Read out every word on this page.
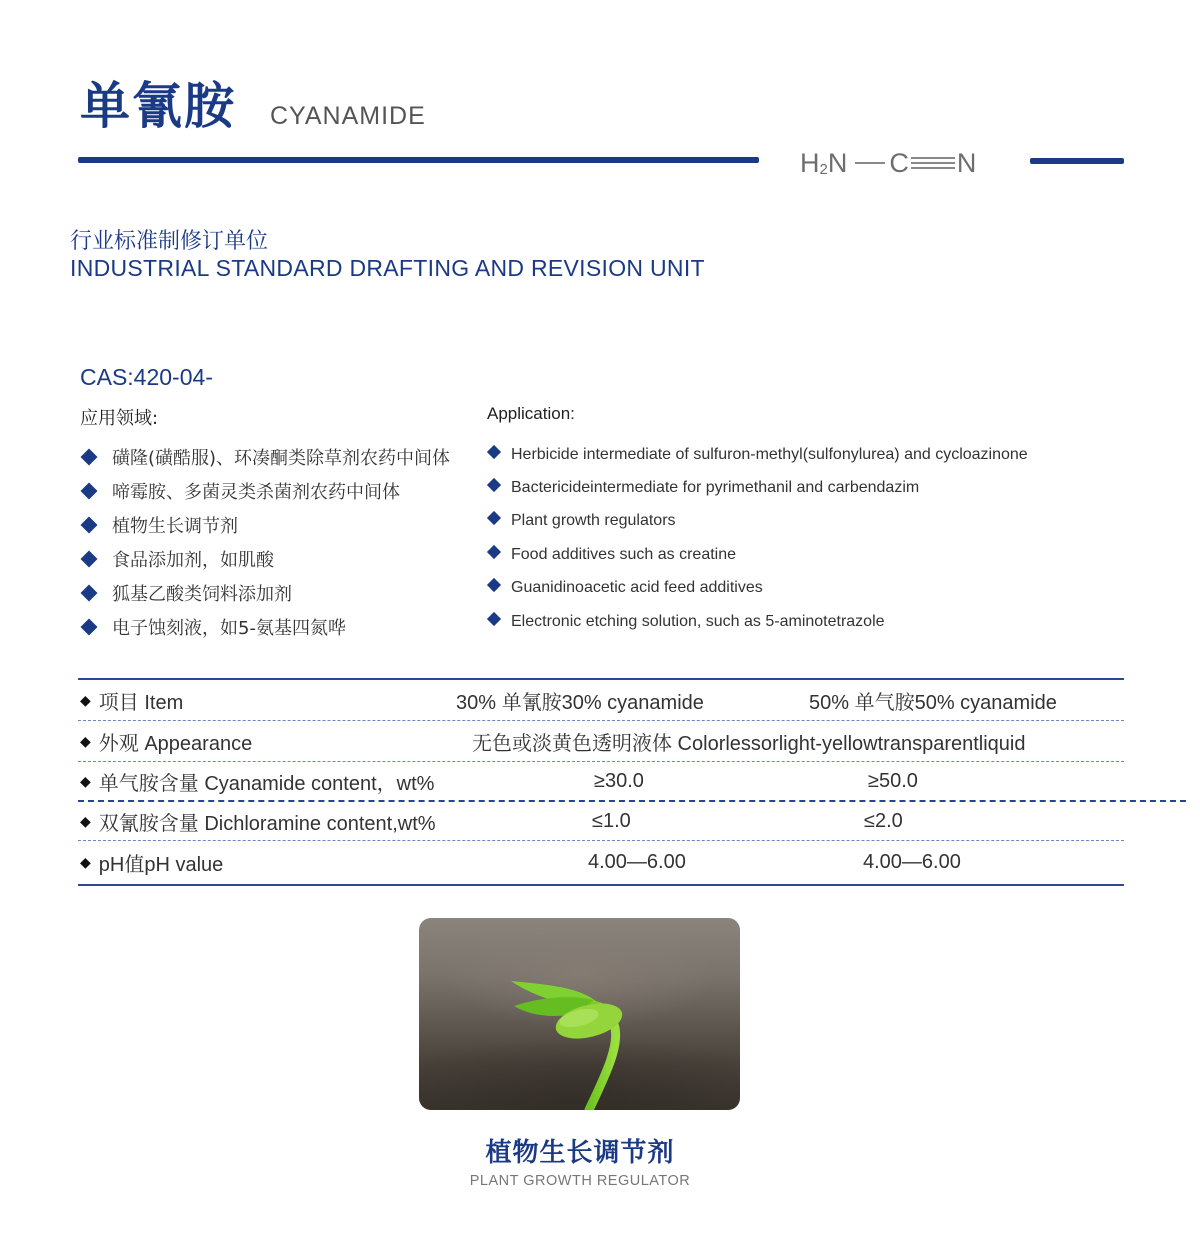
单氰胺 CYANAMIDE
$H_2$ N C N
行业标准制修订单位
INDUSTRIAL STANDARD DRAFTING AND REVISION UNIT
CAS:420-04-
应用领域:	Application:
磺隆(磺酷服)、环凑酮类除草剂农药中间体
啼霉胺、多菌灵类杀菌剂农药中间体
植物生长调节剂
食品添加剂，如肌酸
狐基乙酸类饲料添加剂
电子蚀刻液，如5-氨基四氮哗
Herbicide intermediate of sulfuron-methyl(sulfonylurea) and cycloazinone
Bactericideintermediate for pyrimethanil and carbendazim
Plant growth regulators
Food additives such as creatine
Guanidinoacetic acid feed additives
Electronic etching solution, such as 5-aminotetrazole
◆ 项目 Item	30% 单氰胺30% cyanamide	50% 单气胺50% cyanamide
◆ 外观 Appearance	无色或淡黄色透明液体 Colorlessorlight-yellowtransparentliquid
◆ 单气胺含量 Cyanamide content，wt%	≥30.0	≥50.0
◆ 双氰胺含量 Dichloramine content,wt%	≤1.0	≤2.0
◆ pH值pH value	4.00—6.00	4.00—6.00
植物生长调节剂
PLANT GROWTH REGULATOR
